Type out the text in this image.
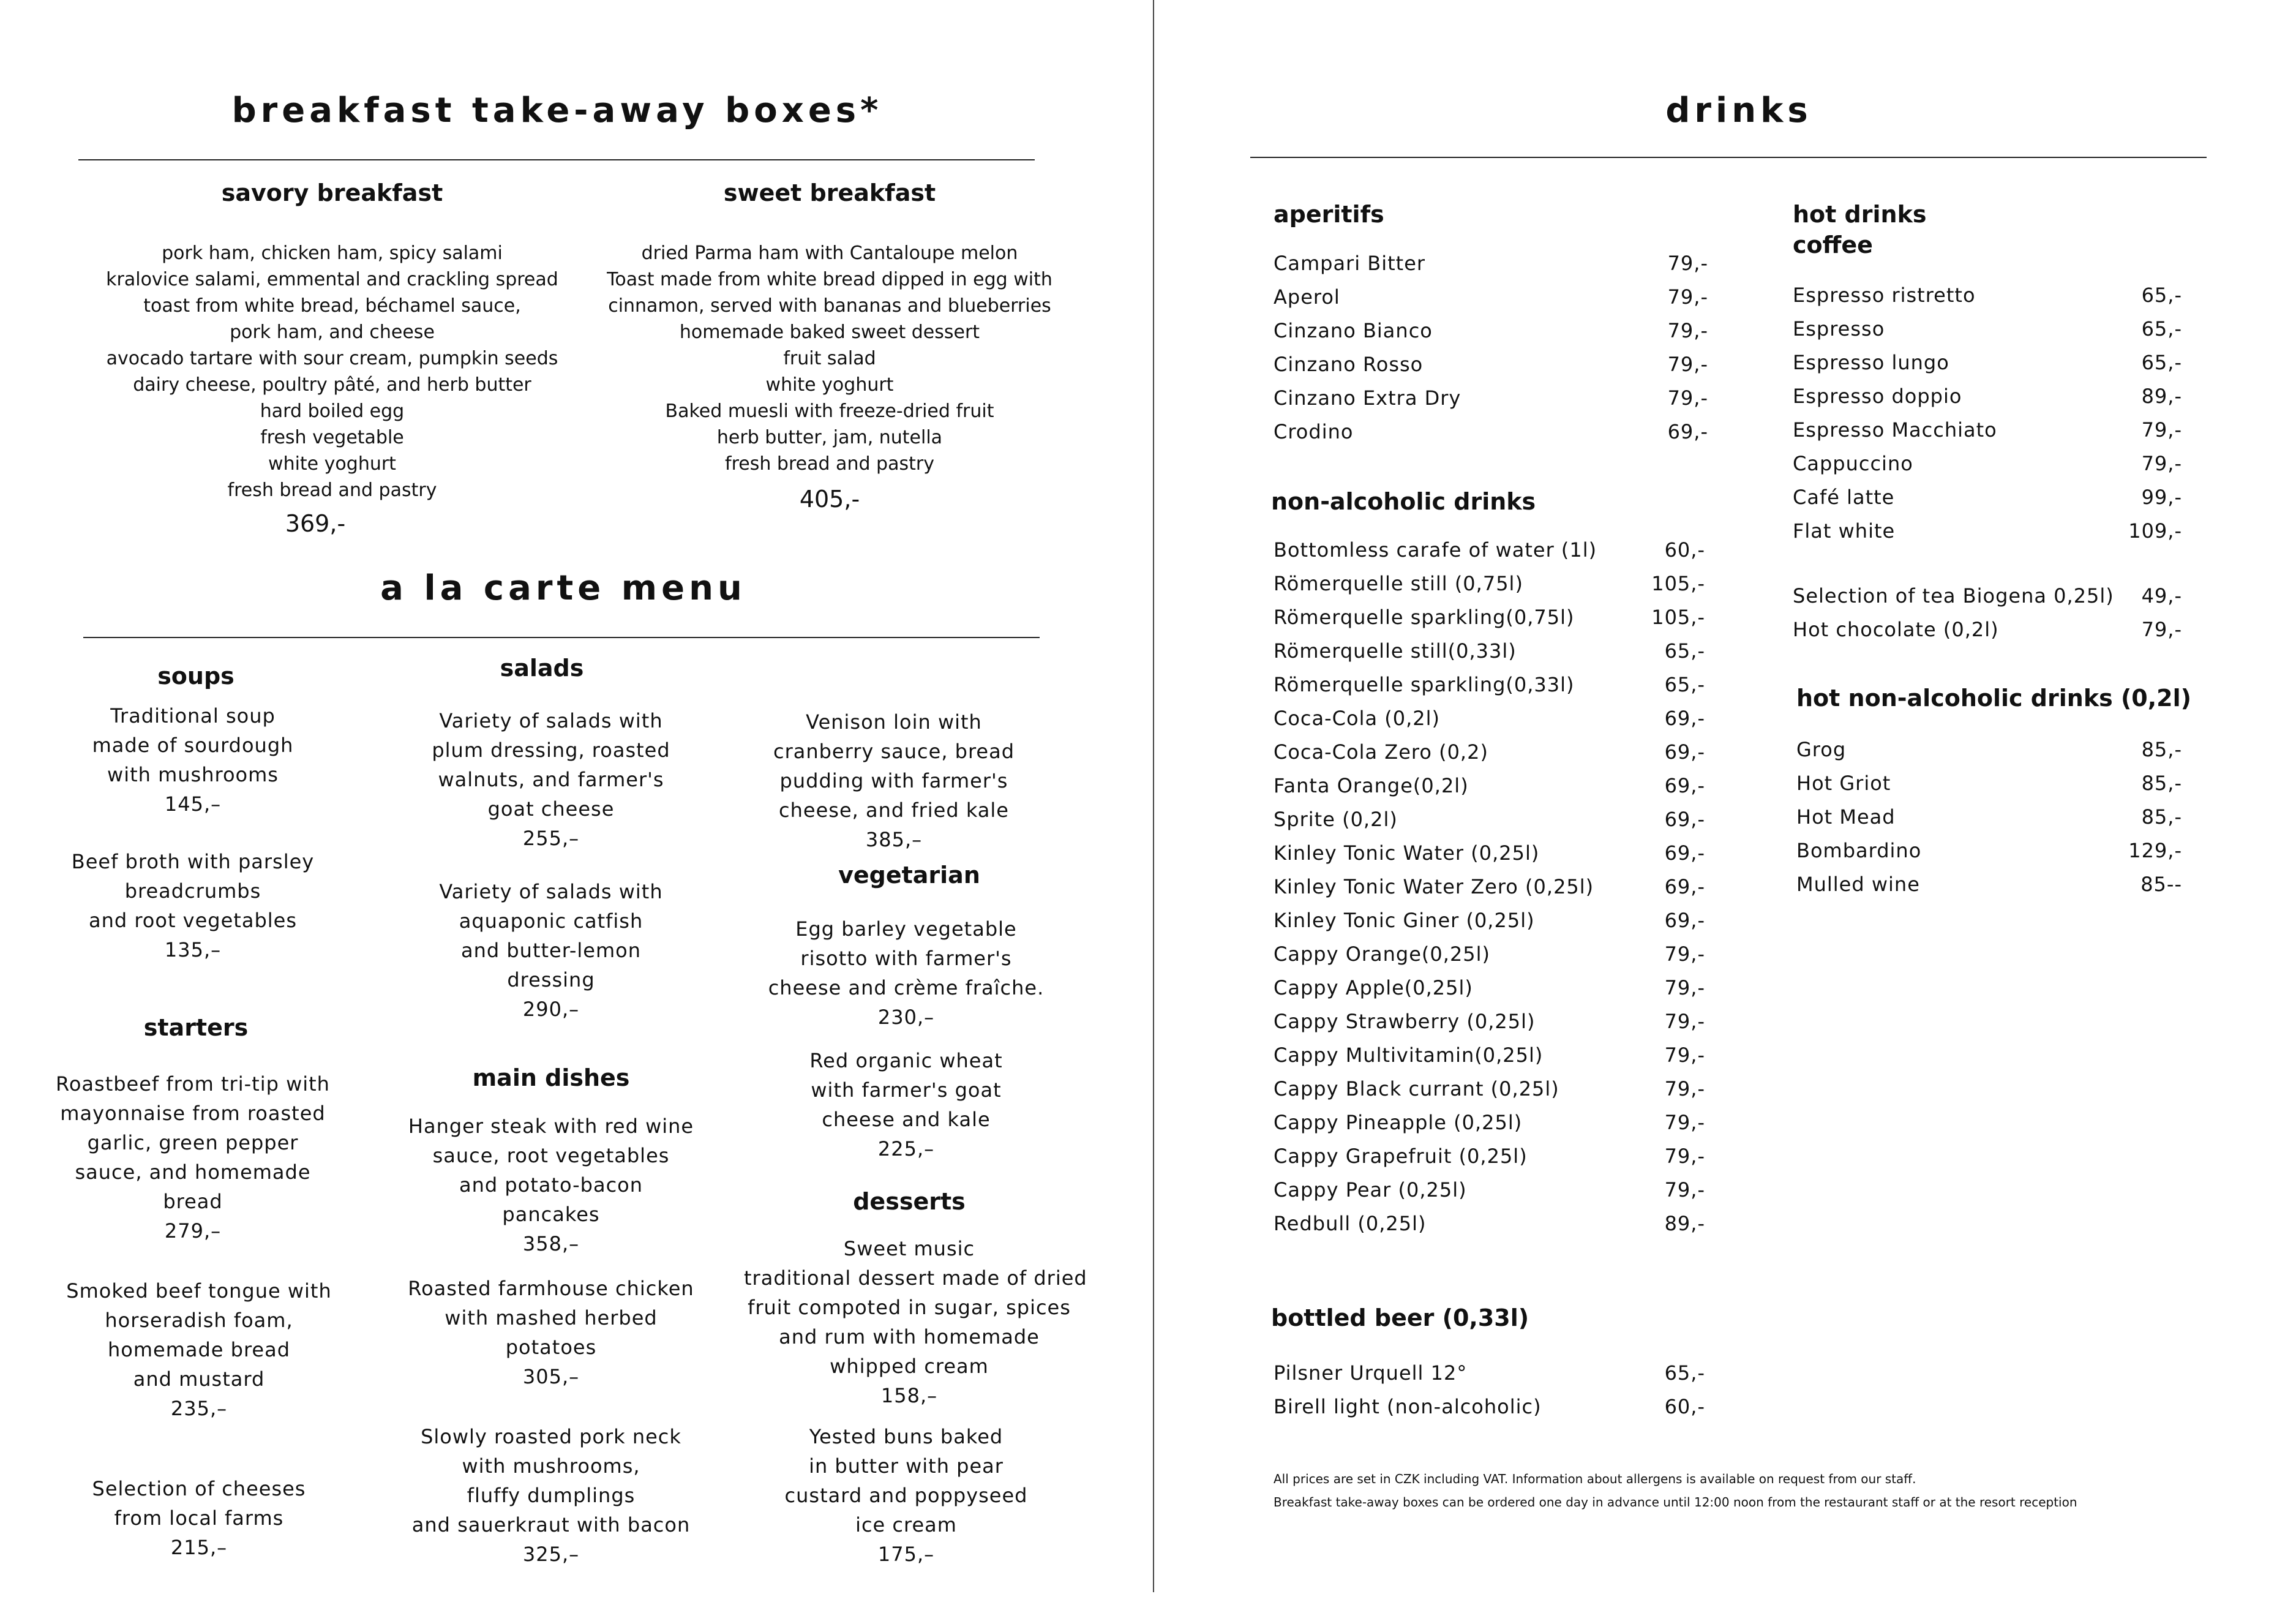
breakfast take-away boxes*
savory breakfast
pork ham, chicken ham, spicy salami
kralovice salami, emmental and crackling spread
toast from white bread, béchamel sauce,
pork ham, and cheese
avocado tartare with sour cream, pumpkin seeds
dairy cheese, poultry pâté, and herb butter
hard boiled egg
fresh vegetable
white yoghurt
fresh bread and pastry
369,-
sweet breakfast
dried Parma ham with Cantaloupe melon
Toast made from white bread dipped in egg with
cinnamon, served with bananas and blueberries
homemade baked sweet dessert
fruit salad
white yoghurt
Baked muesli with freeze-dried fruit
herb butter, jam, nutella
fresh bread and pastry
405,-
a la carte menu
soups
Traditional soup
made of sourdough
with mushrooms
145,–
Beef broth with parsley
breadcrumbs
and root vegetables
135,–
starters
Roastbeef from tri-tip with
mayonnaise from roasted
garlic, green pepper
sauce, and homemade
bread
279,–
Smoked beef tongue with
horseradish foam,
homemade bread
and mustard
235,–
Selection of cheeses
from local farms
215,–
salads
Variety of salads with
plum dressing, roasted
walnuts, and farmer's
goat cheese
255,–
Variety of salads with
aquaponic catfish
and butter-lemon
dressing
290,–
main dishes
Hanger steak with red wine
sauce, root vegetables
and potato-bacon
pancakes
358,–
Roasted farmhouse chicken
with mashed herbed
potatoes
305,–
Slowly roasted pork neck
with mushrooms,
fluffy dumplings
and sauerkraut with bacon
325,–
Venison loin with
cranberry sauce, bread
pudding with farmer's
cheese, and fried kale
385,–
vegetarian
Egg barley vegetable
risotto with farmer's
cheese and crème fraîche.
230,–
Red organic wheat
with farmer's goat
cheese and kale
225,–
desserts
Sweet music
traditional dessert made of dried
fruit compoted in sugar, spices
and rum with homemade
whipped cream
158,–
Yested buns baked
in butter with pear
custard and poppyseed
ice cream
175,–
drinks
aperitifs
Campari Bitter	79,-
Aperol	79,-
Cinzano Bianco	79,-
Cinzano Rosso	79,-
Cinzano Extra Dry	79,-
Crodino	69,-
non-alcoholic drinks
Bottomless carafe of water (1l)	60,-
Römerquelle still (0,75l)	105,-
Römerquelle sparkling(0,75l)	105,-
Römerquelle still(0,33l)	65,-
Römerquelle sparkling(0,33l)	65,-
Coca-Cola (0,2l)	69,-
Coca-Cola Zero (0,2)	69,-
Fanta Orange(0,2l)	69,-
Sprite (0,2l)	69,-
Kinley Tonic Water (0,25l)	69,-
Kinley Tonic Water Zero (0,25l)	69,-
Kinley Tonic Giner (0,25l)	69,-
Cappy Orange(0,25l)	79,-
Cappy Apple(0,25l)	79,-
Cappy Strawberry (0,25l)	79,-
Cappy Multivitamin(0,25l)	79,-
Cappy Black currant (0,25l)	79,-
Cappy Pineapple (0,25l)	79,-
Cappy Grapefruit (0,25l)	79,-
Cappy Pear (0,25l)	79,-
Redbull (0,25l)	89,-
bottled beer (0,33l)
Pilsner Urquell 12°	65,-
Birell light (non-alcoholic)	60,-
All prices are set in CZK including VAT. Information about allergens is available on request from our staff.
Breakfast take-away boxes can be ordered one day in advance until 12:00 noon from the restaurant staff or at the resort reception
hot drinks
coffee
Espresso ristretto	65,-
Espresso	65,-
Espresso lungo	65,-
Espresso doppio	89,-
Espresso Macchiato	79,-
Cappuccino	79,-
Café latte	99,-
Flat white	109,-
Selection of tea Biogena 0,25l) 49,-
Hot chocolate (0,2l)	79,-
hot non-alcoholic drinks (0,2l)
Grog	85,-
Hot Griot	85,-
Hot Mead	85,-
Bombardino	129,-
Mulled wine	85--
